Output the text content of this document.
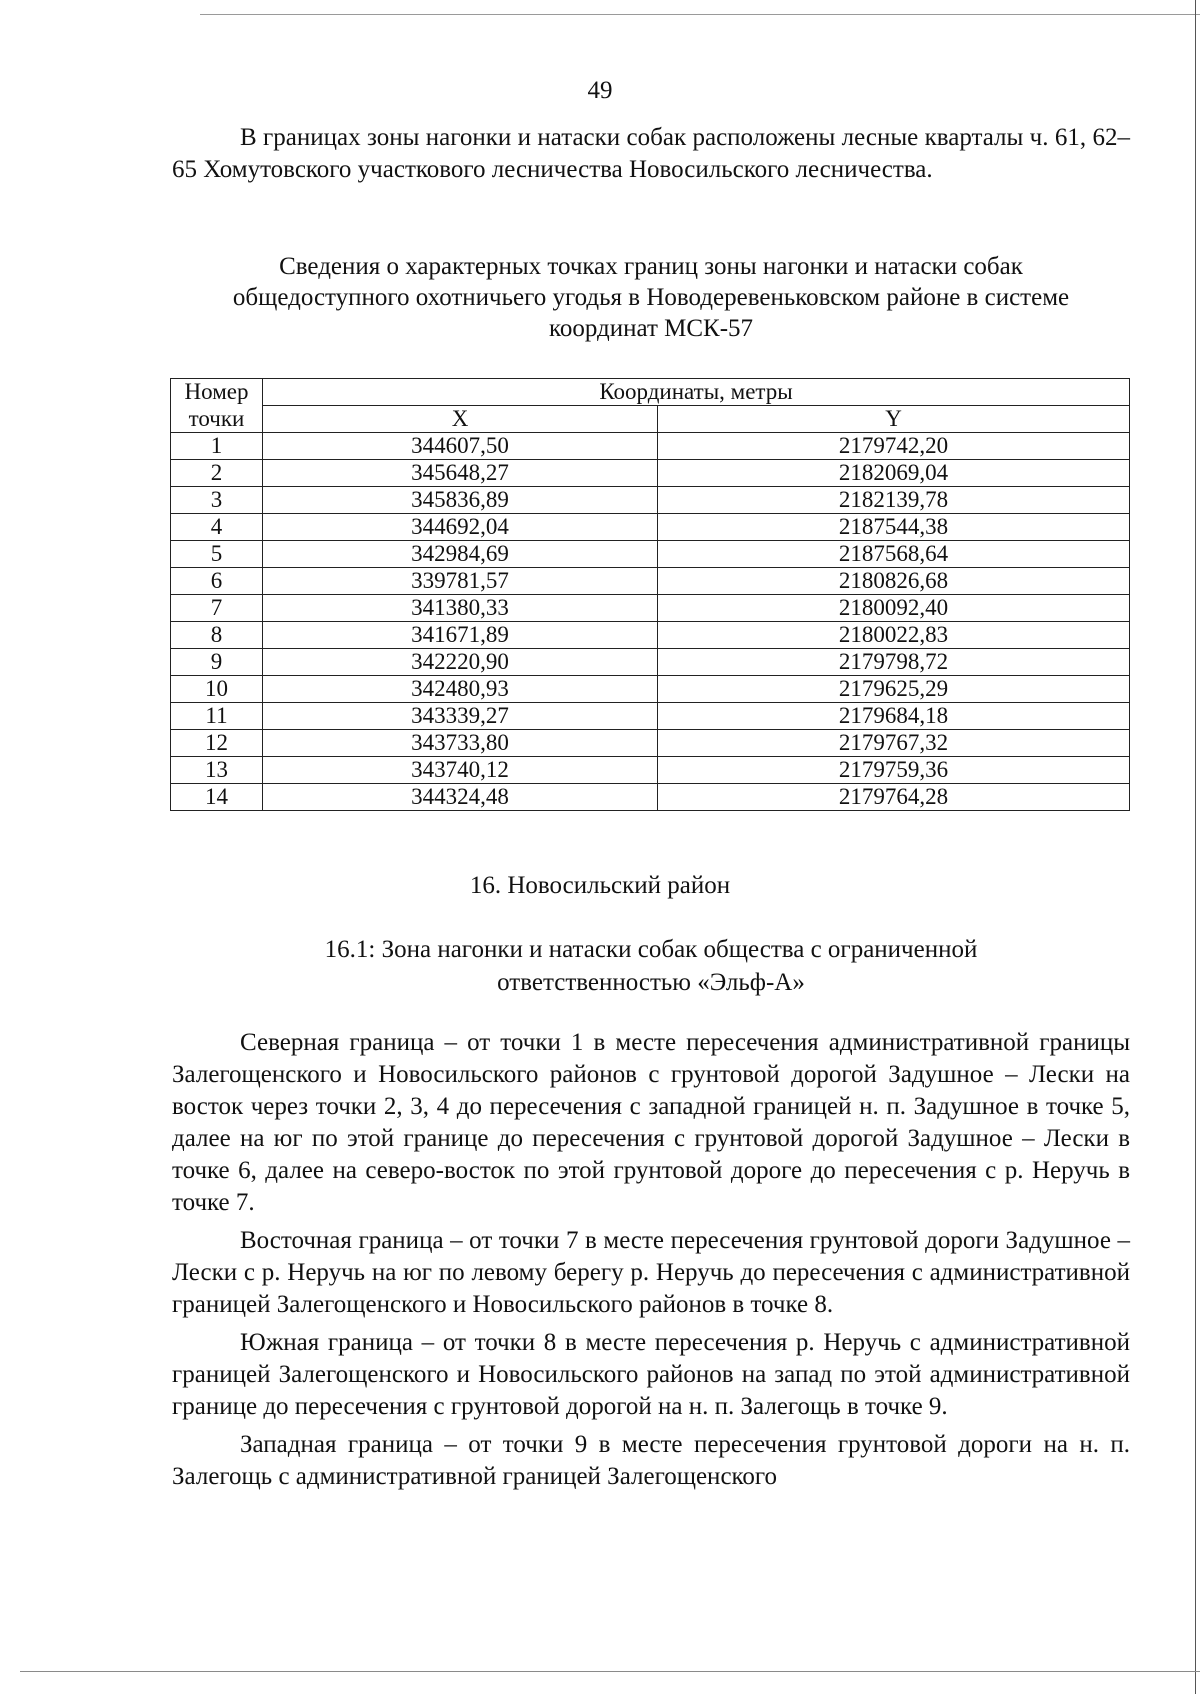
49

В границах зоны нагонки и натаски собак расположены лесные кварталы ч. 61, 62–65 Хомутовского участкового лесничества Новосильского лесничества.

Сведения о характерных точках границ зоны нагонки и натаски собак
общедоступного охотничьего угодья в Новодеревеньковском районе в системе
координат МСК-57
Номер	Координаты, метры	
точки	X	Y
1	344607,50	2179742,20
2	345648,27	2182069,04
3	345836,89	2182139,78
4	344692,04	2187544,38
5	342984,69	2187568,64
6	339781,57	2180826,68
7	341380,33	2180092,40
8	341671,89	2180022,83
9	342220,90	2179798,72
10	342480,93	2179625,29
11	343339,27	2179684,18
12	343733,80	2179767,32
13	343740,12	2179759,36
14	344324,48	2179764,28
16. Новосильский район
16.1: Зона нагонки и натаски собак общества с ограниченной
ответственностью «Эльф-А»

Северная граница – от точки 1 в месте пересечения административной границы Залегощенского и Новосильского районов с грунтовой дорогой Задушное – Лески на восток через точки 2, 3, 4 до пересечения с западной границей н. п. Задушное в точке 5, далее на юг по этой границе до пересечения с грунтовой дорогой Задушное – Лески в точке 6, далее на северо-восток по этой грунтовой дороге до пересечения с р. Неручь в точке 7.

Восточная граница – от точки 7 в месте пересечения грунтовой дороги Задушное – Лески с р. Неручь на юг по левому берегу р. Неручь до пересечения с административной границей Залегощенского и Новосильского районов в точке 8.

Южная граница – от точки 8 в месте пересечения р. Неручь с административной границей Залегощенского и Новосильского районов на запад по этой административной границе до пересечения с грунтовой дорогой на н. п. Залегощь в точке 9.

Западная граница – от точки 9 в месте пересечения грунтовой дороги на н. п. Залегощь с административной границей Залегощенского
